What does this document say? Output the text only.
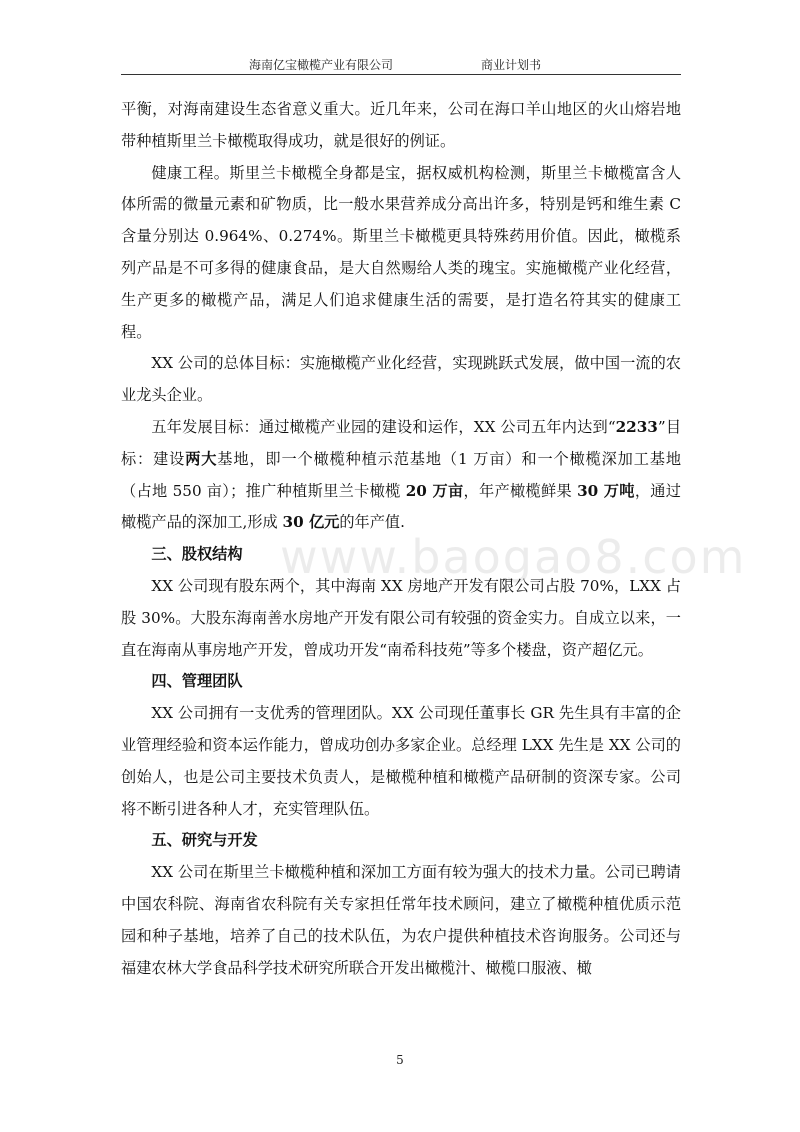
海南亿宝橄榄产业有限公司	商业计划书
www.baogao8.com

平衡，对海南建设生态省意义重大。近几年来，公司在海口羊山地区的火山熔岩地带种植斯里兰卡橄榄取得成功，就是很好的例证。

健康工程。斯里兰卡橄榄全身都是宝，据权威机构检测，斯里兰卡橄榄富含人体所需的微量元素和矿物质，比一般水果营养成分高出许多，特别是钙和维生素 C 含量分别达 0.964%、0.274%。斯里兰卡橄榄更具特殊药用价值。因此，橄榄系列产品是不可多得的健康食品，是大自然赐给人类的瑰宝。实施橄榄产业化经营，生产更多的橄榄产品，满足人们追求健康生活的需要，是打造名符其实的健康工程。

XX 公司的总体目标：实施橄榄产业化经营，实现跳跃式发展，做中国一流的农业龙头企业。

五年发展目标：通过橄榄产业园的建设和运作，XX 公司五年内达到“2233”目标：建设两大基地，即一个橄榄种植示范基地（1 万亩）和一个橄榄深加工基地（占地 550 亩）；推广种植斯里兰卡橄榄 20 万亩，年产橄榄鲜果 30 万吨，通过橄榄产品的深加工,形成 30 亿元的年产值.

三、股权结构

XX 公司现有股东两个，其中海南 XX 房地产开发有限公司占股 70%，LXX 占股 30%。大股东海南善水房地产开发有限公司有较强的资金实力。自成立以来，一直在海南从事房地产开发，曾成功开发“南希科技苑”等多个楼盘，资产超亿元。

四、管理团队

XX 公司拥有一支优秀的管理团队。XX 公司现任董事长 GR 先生具有丰富的企业管理经验和资本运作能力，曾成功创办多家企业。总经理 LXX 先生是 XX 公司的创始人，也是公司主要技术负责人，是橄榄种植和橄榄产品研制的资深专家。公司将不断引进各种人才，充实管理队伍。

五、研究与开发

XX 公司在斯里兰卡橄榄种植和深加工方面有较为强大的技术力量。公司已聘请中国农科院、海南省农科院有关专家担任常年技术顾问，建立了橄榄种植优质示范园和种子基地，培养了自己的技术队伍，为农户提供种植技术咨询服务。公司还与福建农林大学食品科学技术研究所联合开发出橄榄汁、橄榄口服液、橄

5
